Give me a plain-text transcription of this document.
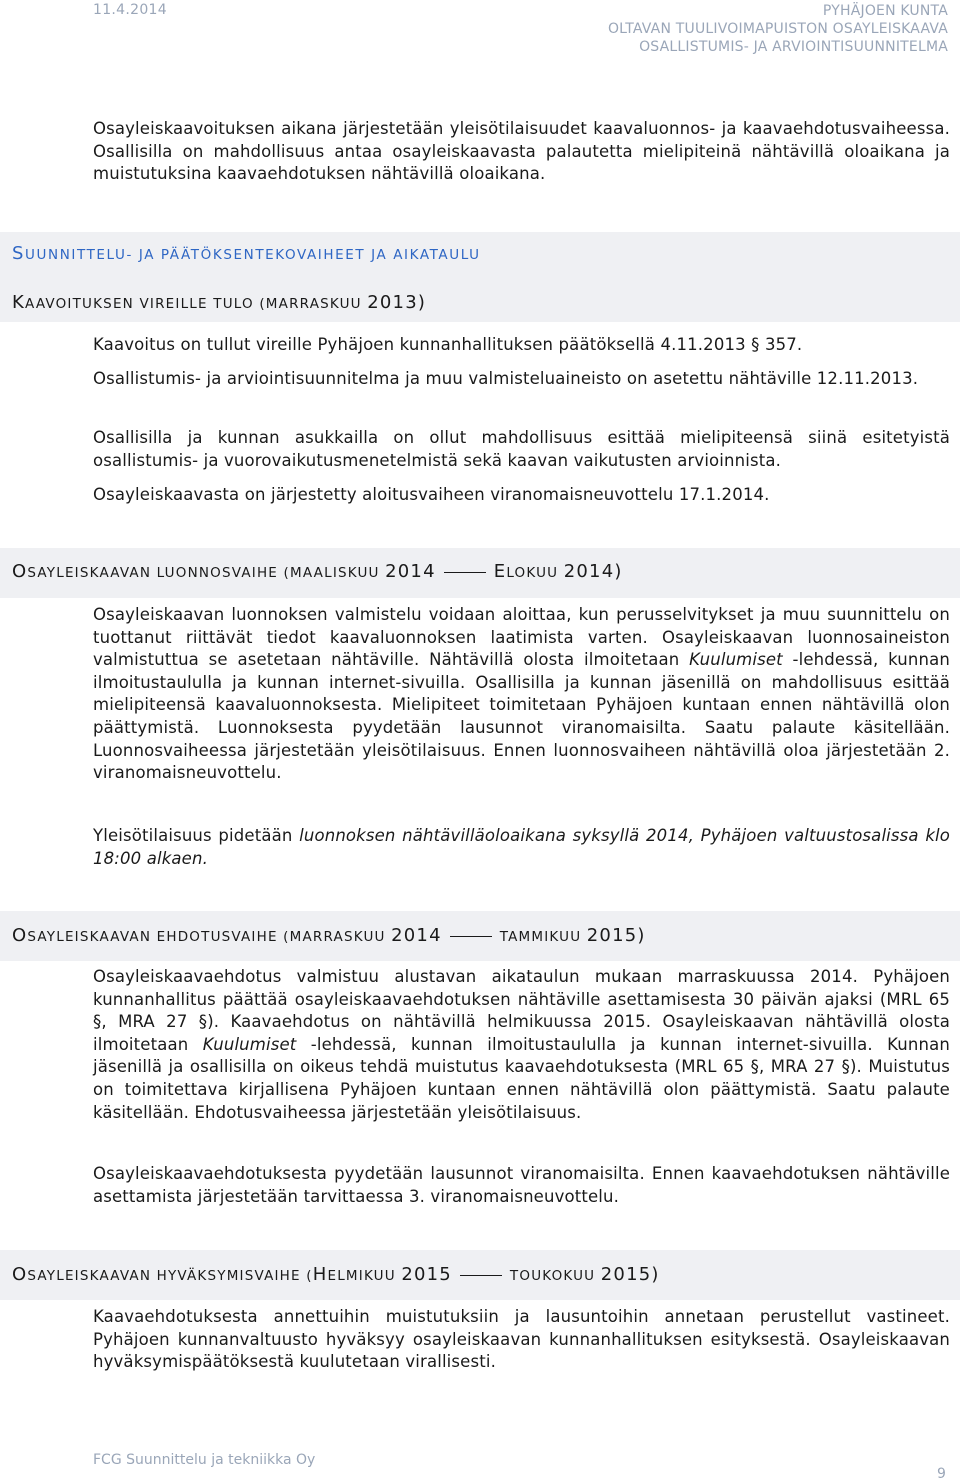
11.4.2014	PYHÄJOEN KUNTA
OLTAVAN TUULIVOIMAPUISTON OSAYLEISKAAVA
OSALLISTUMIS- JA ARVIOINTISUUNNITELMA

Osayleiskaavoituksen aikana järjestetään yleisötilaisuudet kaavaluonnos- ja kaavaehdotusvaiheessa. Osallisilla on mahdollisuus antaa osayleiskaavasta palautetta mielipiteinä nähtävillä oloaikana ja muistutuksina kaavaehdotuksen nähtävillä oloaikana.

SUUNNITTELU- JA PÄÄTÖKSENTEKOVAIHEET JA AIKATAULU
KAAVOITUKSEN VIREILLE TULO (MARRASKUU 2013)

Kaavoitus on tullut vireille Pyhäjoen kunnanhallituksen päätöksellä 4.11.2013 § 357.

Osallistumis- ja arviointisuunnitelma ja muu valmisteluaineisto on asetettu nähtäville 12.11.2013.

Osallisilla ja kunnan asukkailla on ollut mahdollisuus esittää mielipiteensä siinä esitetyistä osallistumis- ja vuorovaikutusmenetelmistä sekä kaavan vaikutusten arvioinnista.

Osayleiskaavasta on järjestetty aloitusvaiheen viranomaisneuvottelu 17.1.2014.

OSAYLEISKAAVAN LUONNOSVAIHE (MAALISKUU 2014	ELOKUU 2014)

Osayleiskaavan luonnoksen valmistelu voidaan aloittaa, kun perusselvitykset ja muu suunnittelu on tuottanut riittävät tiedot kaavaluonnoksen laatimista varten. Osayleiskaavan luonnosaineiston valmistuttua se asetetaan nähtäville. Nähtävillä olosta ilmoitetaan Kuulumiset -lehdessä, kunnan ilmoitustaululla ja kunnan internet-sivuilla. Osallisilla ja kunnan jäsenillä on mahdollisuus esittää mielipiteensä kaavaluonnoksesta. Mielipiteet toimitetaan Pyhäjoen kuntaan ennen nähtävillä olon päättymistä. Luonnoksesta pyydetään lausunnot viranomaisilta. Saatu palaute käsitellään. Luonnosvaiheessa järjestetään yleisötilaisuus. Ennen luonnosvaiheen nähtävillä oloa järjestetään 2. viranomaisneuvottelu.

Yleisötilaisuus pidetään luonnoksen nähtävilläoloaikana syksyllä 2014, Pyhäjoen valtuustosalissa klo 18:00 alkaen.

OSAYLEISKAAVAN EHDOTUSVAIHE (MARRASKUU 2014	TAMMIKUU 2015)

Osayleiskaavaehdotus valmistuu alustavan aikataulun mukaan marraskuussa 2014. Pyhäjoen kunnanhallitus päättää osayleiskaavaehdotuksen nähtäville asettamisesta 30 päivän ajaksi (MRL 65 §, MRA 27 §). Kaavaehdotus on nähtävillä helmikuussa 2015. Osayleiskaavan nähtävillä olosta ilmoitetaan Kuulumiset -lehdessä, kunnan ilmoitustaululla ja kunnan internet-sivuilla. Kunnan jäsenillä ja osallisilla on oikeus tehdä muistutus kaavaehdotuksesta (MRL 65 §, MRA 27 §). Muistutus on toimitettava kirjallisena Pyhäjoen kuntaan ennen nähtävillä olon päättymistä. Saatu palaute käsitellään. Ehdotusvaiheessa järjestetään yleisötilaisuus.

Osayleiskaavaehdotuksesta pyydetään lausunnot viranomaisilta. Ennen kaavaehdotuksen nähtäville asettamista järjestetään tarvittaessa 3. viranomaisneuvottelu.

OSAYLEISKAAVAN HYVÄKSYMISVAIHE (HELMIKUU 2015	TOUKOKUU 2015)

Kaavaehdotuksesta annettuihin muistutuksiin ja lausuntoihin annetaan perustellut vastineet. Pyhäjoen kunnanvaltuusto hyväksyy osayleiskaavan kunnanhallituksen esityksestä. Osayleiskaavan hyväksymispäätöksestä kuulutetaan virallisesti.

FCG Suunnittelu ja tekniikka Oy
9
